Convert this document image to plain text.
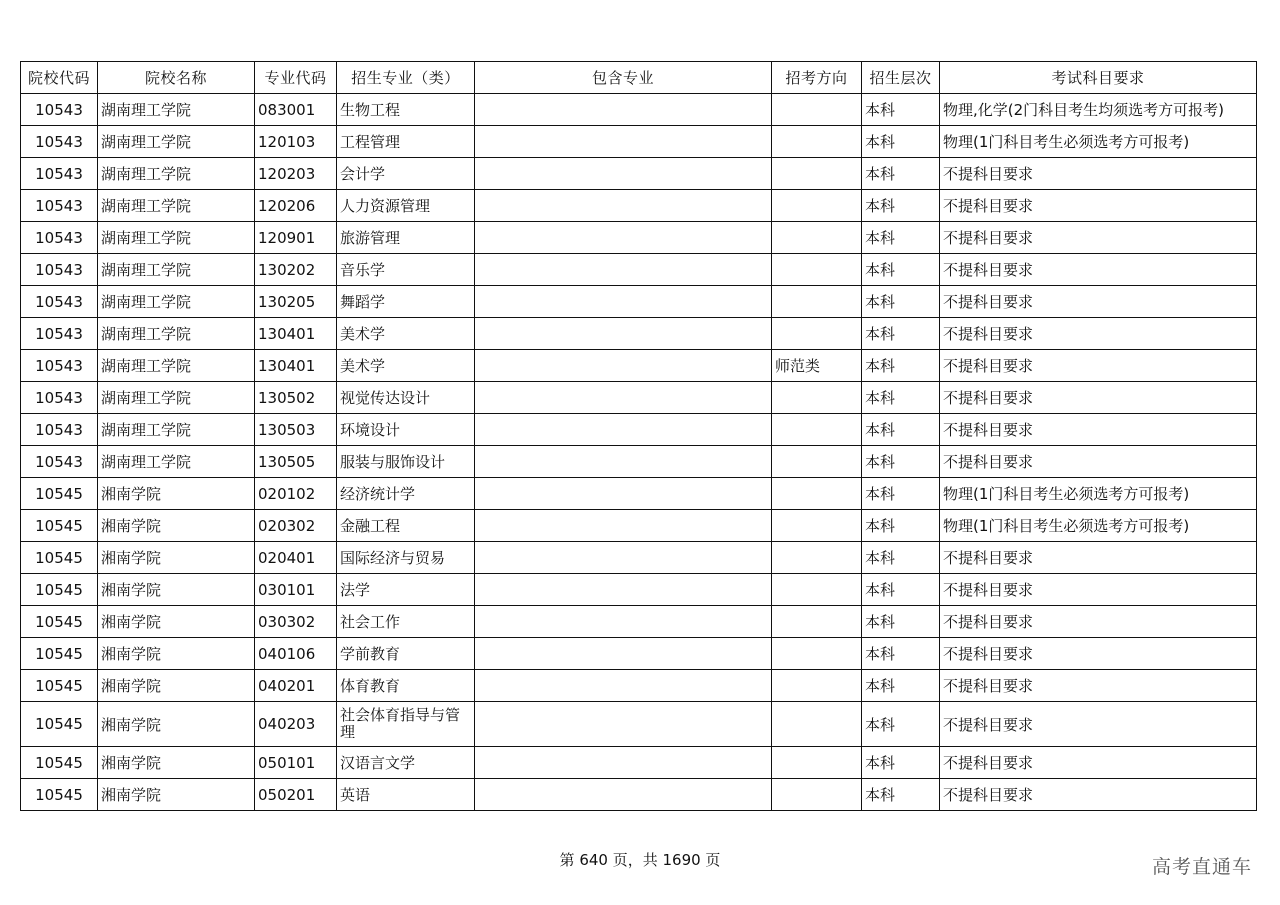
院校代码	院校名称	专业代码	招生专业（类）	包含专业	招考方向	招生层次	考试科目要求
10543	湖南理工学院	083001	生物工程			本科	物理,化学(2门科目考生均须选考方可报考)
10543	湖南理工学院	120103	工程管理			本科	物理(1门科目考生必须选考方可报考)
10543	湖南理工学院	120203	会计学			本科	不提科目要求
10543	湖南理工学院	120206	人力资源管理			本科	不提科目要求
10543	湖南理工学院	120901	旅游管理			本科	不提科目要求
10543	湖南理工学院	130202	音乐学			本科	不提科目要求
10543	湖南理工学院	130205	舞蹈学			本科	不提科目要求
10543	湖南理工学院	130401	美术学			本科	不提科目要求
10543	湖南理工学院	130401	美术学		师范类	本科	不提科目要求
10543	湖南理工学院	130502	视觉传达设计			本科	不提科目要求
10543	湖南理工学院	130503	环境设计			本科	不提科目要求
10543	湖南理工学院	130505	服装与服饰设计			本科	不提科目要求
10545	湘南学院	020102	经济统计学			本科	物理(1门科目考生必须选考方可报考)
10545	湘南学院	020302	金融工程			本科	物理(1门科目考生必须选考方可报考)
10545	湘南学院	020401	国际经济与贸易			本科	不提科目要求
10545	湘南学院	030101	法学			本科	不提科目要求
10545	湘南学院	030302	社会工作			本科	不提科目要求
10545	湘南学院	040106	学前教育			本科	不提科目要求
10545	湘南学院	040201	体育教育			本科	不提科目要求
10545	湘南学院	040203	社会体育指导与管理			本科	不提科目要求
10545	湘南学院	050101	汉语言文学			本科	不提科目要求
10545	湘南学院	050201	英语			本科	不提科目要求
第 640 页，共 1690 页	高考直通车
